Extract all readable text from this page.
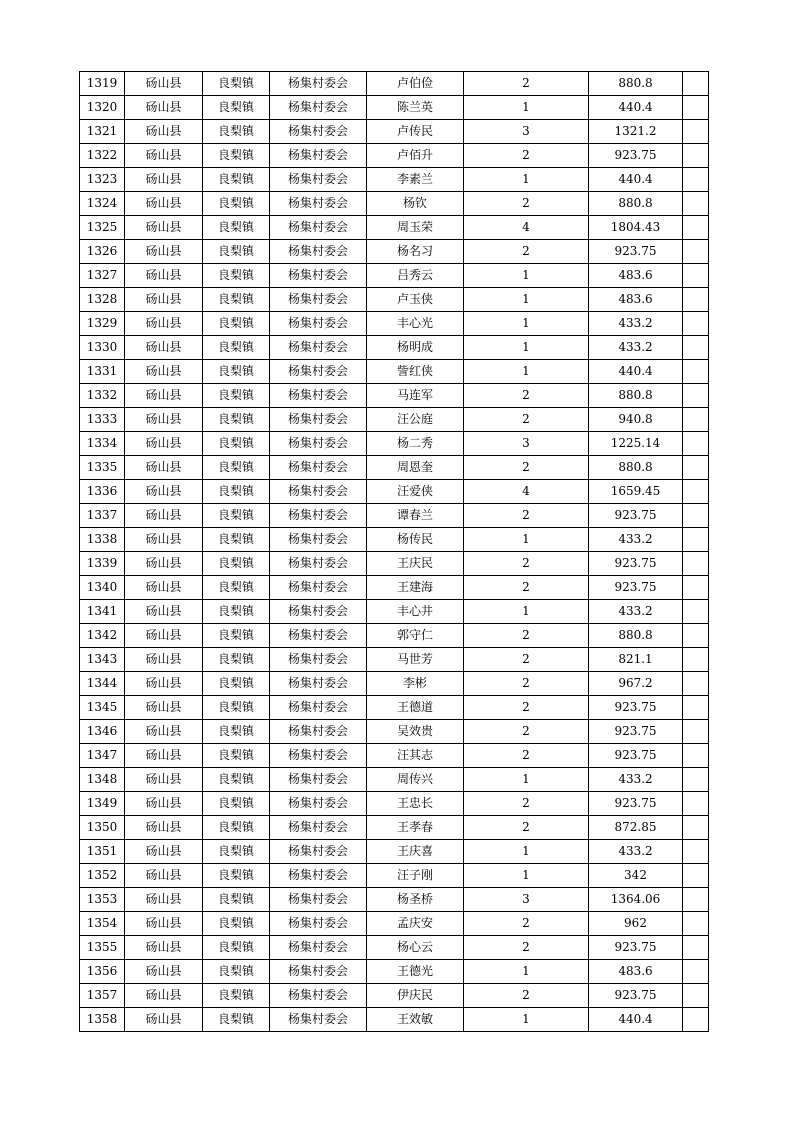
1319	砀山县	良梨镇	杨集村委会	卢伯俭	2	880.8	
1320	砀山县	良梨镇	杨集村委会	陈兰英	1	440.4	
1321	砀山县	良梨镇	杨集村委会	卢传民	3	1321.2	
1322	砀山县	良梨镇	杨集村委会	卢佰升	2	923.75	
1323	砀山县	良梨镇	杨集村委会	李素兰	1	440.4	
1324	砀山县	良梨镇	杨集村委会	杨钦	2	880.8	
1325	砀山县	良梨镇	杨集村委会	周玉荣	4	1804.43	
1326	砀山县	良梨镇	杨集村委会	杨名习	2	923.75	
1327	砀山县	良梨镇	杨集村委会	吕秀云	1	483.6	
1328	砀山县	良梨镇	杨集村委会	卢玉侠	1	483.6	
1329	砀山县	良梨镇	杨集村委会	丰心光	1	433.2	
1330	砀山县	良梨镇	杨集村委会	杨明成	1	433.2	
1331	砀山县	良梨镇	杨集村委会	訾红侠	1	440.4	
1332	砀山县	良梨镇	杨集村委会	马连军	2	880.8	
1333	砀山县	良梨镇	杨集村委会	汪公庭	2	940.8	
1334	砀山县	良梨镇	杨集村委会	杨二秀	3	1225.14	
1335	砀山县	良梨镇	杨集村委会	周恩奎	2	880.8	
1336	砀山县	良梨镇	杨集村委会	汪爱侠	4	1659.45	
1337	砀山县	良梨镇	杨集村委会	谭春兰	2	923.75	
1338	砀山县	良梨镇	杨集村委会	杨传民	1	433.2	
1339	砀山县	良梨镇	杨集村委会	王庆民	2	923.75	
1340	砀山县	良梨镇	杨集村委会	王建海	2	923.75	
1341	砀山县	良梨镇	杨集村委会	丰心井	1	433.2	
1342	砀山县	良梨镇	杨集村委会	郭守仁	2	880.8	
1343	砀山县	良梨镇	杨集村委会	马世芳	2	821.1	
1344	砀山县	良梨镇	杨集村委会	李彬	2	967.2	
1345	砀山县	良梨镇	杨集村委会	王德道	2	923.75	
1346	砀山县	良梨镇	杨集村委会	吴效贵	2	923.75	
1347	砀山县	良梨镇	杨集村委会	汪其志	2	923.75	
1348	砀山县	良梨镇	杨集村委会	周传兴	1	433.2	
1349	砀山县	良梨镇	杨集村委会	王忠长	2	923.75	
1350	砀山县	良梨镇	杨集村委会	王孝春	2	872.85	
1351	砀山县	良梨镇	杨集村委会	王庆喜	1	433.2	
1352	砀山县	良梨镇	杨集村委会	汪子刚	1	342	
1353	砀山县	良梨镇	杨集村委会	杨圣桥	3	1364.06	
1354	砀山县	良梨镇	杨集村委会	孟庆安	2	962	
1355	砀山县	良梨镇	杨集村委会	杨心云	2	923.75	
1356	砀山县	良梨镇	杨集村委会	王德光	1	483.6	
1357	砀山县	良梨镇	杨集村委会	伊庆民	2	923.75	
1358	砀山县	良梨镇	杨集村委会	王效敏	1	440.4	
